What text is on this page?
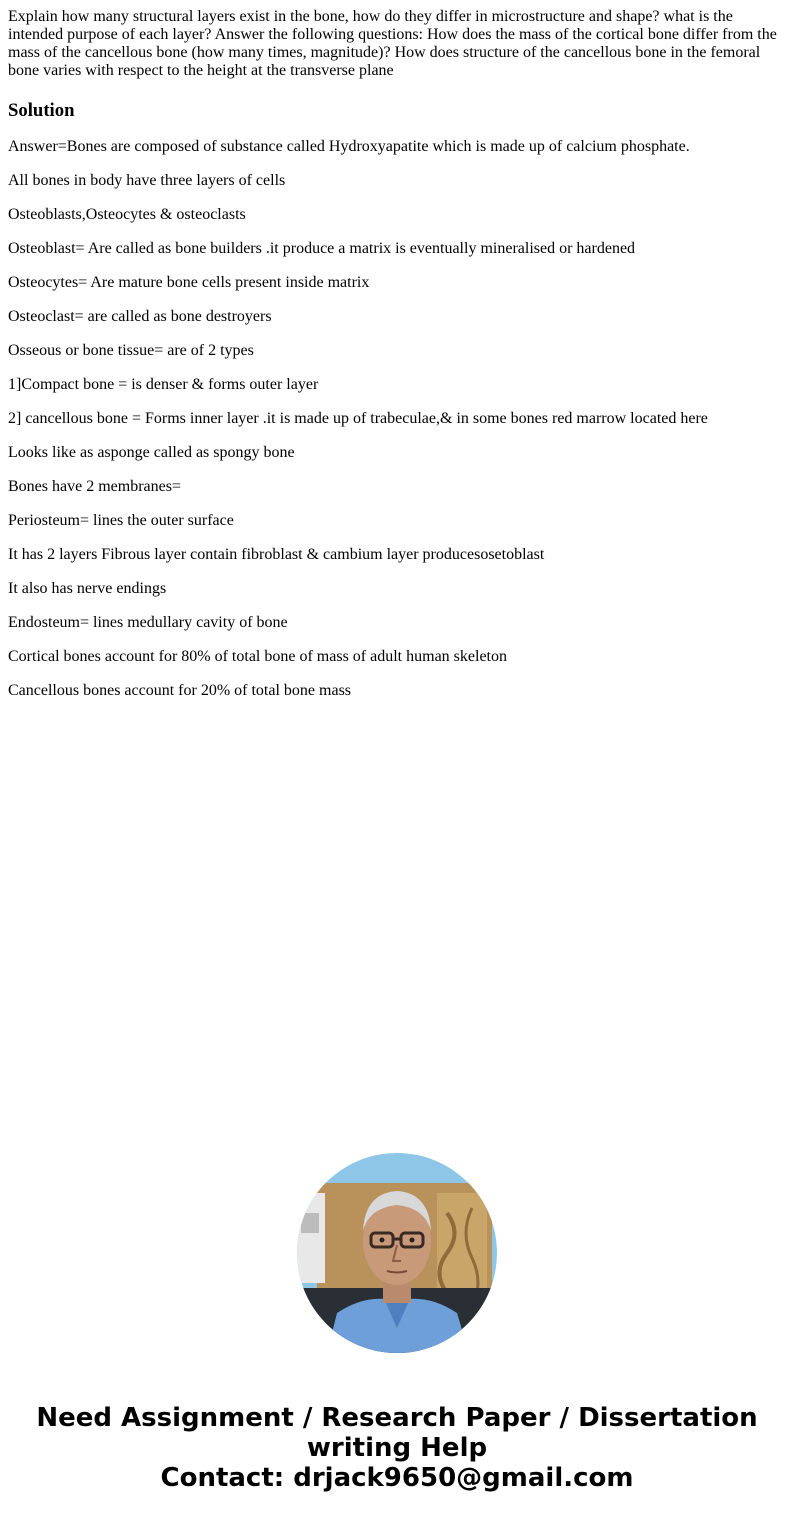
Explain how many structural layers exist in the bone, how do they differ in microstructure and shape? what is the intended purpose of each layer? Answer the following questions: How does the mass of the cortical bone differ from the mass of the cancellous bone (how many times, magnitude)? How does structure of the cancellous bone in the femoral bone varies with respect to the height at the transverse plane

Solution

Answer=Bones are composed of substance called Hydroxyapatite which is made up of calcium phosphate.

All bones in body have three layers of cells

Osteoblasts,Osteocytes & osteoclasts

Osteoblast= Are called as bone builders .it produce a matrix is eventually mineralised or hardened

Osteocytes= Are mature bone cells present inside matrix

Osteoclast= are called as bone destroyers

Osseous or bone tissue= are of 2 types

1]Compact bone = is denser & forms outer layer

2] cancellous bone = Forms inner layer .it is made up of trabeculae,& in some bones red marrow located here

Looks like as asponge called as spongy bone

Bones have 2 membranes=

Periosteum= lines the outer surface

It has 2 layers Fibrous layer contain fibroblast & cambium layer producesosetoblast

It also has nerve endings

Endosteum= lines medullary cavity of bone

Cortical bones account for 80% of total bone of mass of adult human skeleton

Cancellous bones account for 20% of total bone mass

Need Assignment / Research Paper / Dissertation
writing Help
Contact: drjack9650@gmail.com
